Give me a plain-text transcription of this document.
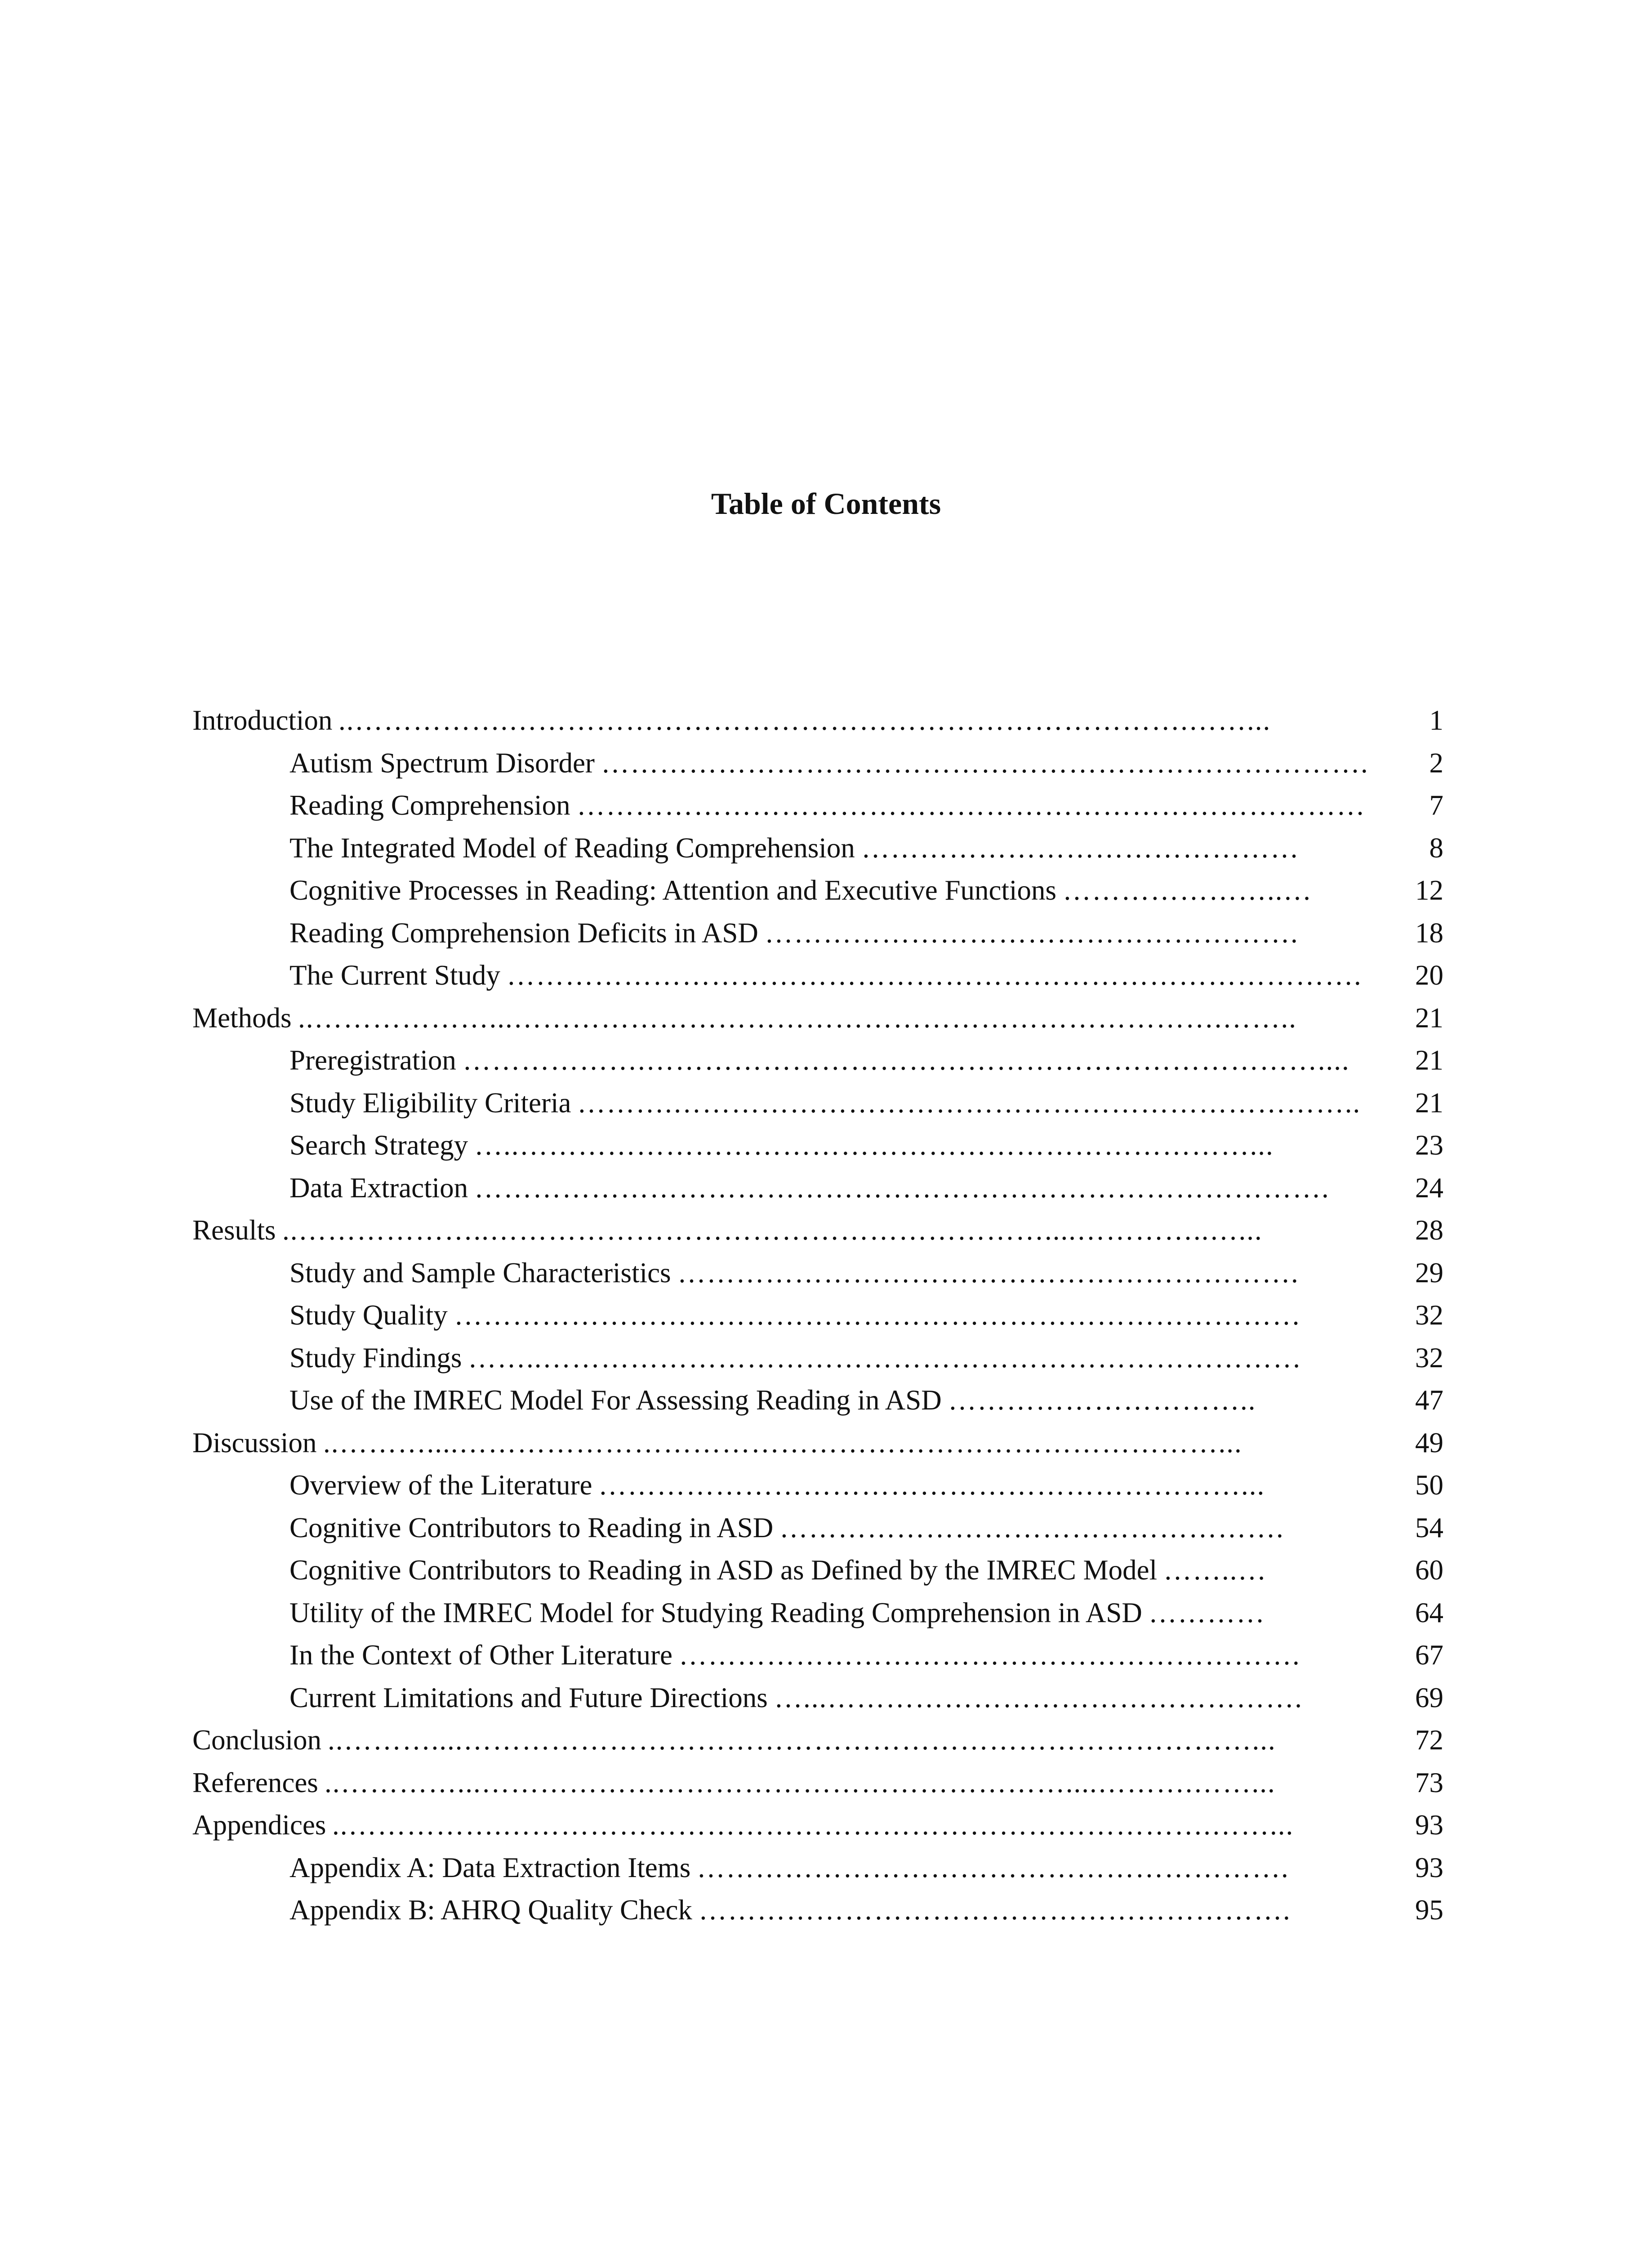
Table of Contents
Introduction ..…………….…………………………………………………………….……...	1
Autism Spectrum Disorder …………………………………………………………………….	2
Reading Comprehension ………………………………………………………………………	7
The Integrated Model of Reading Comprehension ………………………………………	8
Cognitive Processes in Reading: Attention and Executive Functions …………………..…	12
Reading Comprehension Deficits in ASD ……………………………………………….	18
The Current Study …………………………………………………………………………….	20
Methods ..………………...……………………………………………………………….……..	21
Preregistration ……………….……………………………………………………………....	21
Study Eligibility Criteria ……….……………………………………………………………..	21
Search Strategy …..…………………………………………………………………...	23
Data Extraction …………………………………………………………………………….	24
Results ..………………..…………………………………………………....…………..…...	28
Study and Sample Characteristics ……………………………………………………….	29
Study Quality ……………………………………………………………………………	32
Study Findings ……..……………………………………………………………………	32
Use of the IMREC Model For Assessing Reading in ASD …………………………..	47
Discussion ..………....……………………………………………………………………...	49
Overview of the Literature …………………………………………………………...	50
Cognitive Contributors to Reading in ASD …………………………………………….	54
Cognitive Contributors to Reading in ASD as Defined by the IMREC Model ……..…	60
Utility of the IMREC Model for Studying Reading Comprehension in ASD …………	64
In the Context of Other Literature ……………………………………………………….	67
Current Limitations and Future Directions …...………………………………………….	69
Conclusion ..………....………………………………………………………………………...	72
References ..…………...……………………………………………………....……….……...	73
Appendices ..…………….……………………………………………………………….……...	93
Appendix A: Data Extraction Items …………………………………………………….	93
Appendix B: AHRQ Quality Check …………………………………………………….	95
